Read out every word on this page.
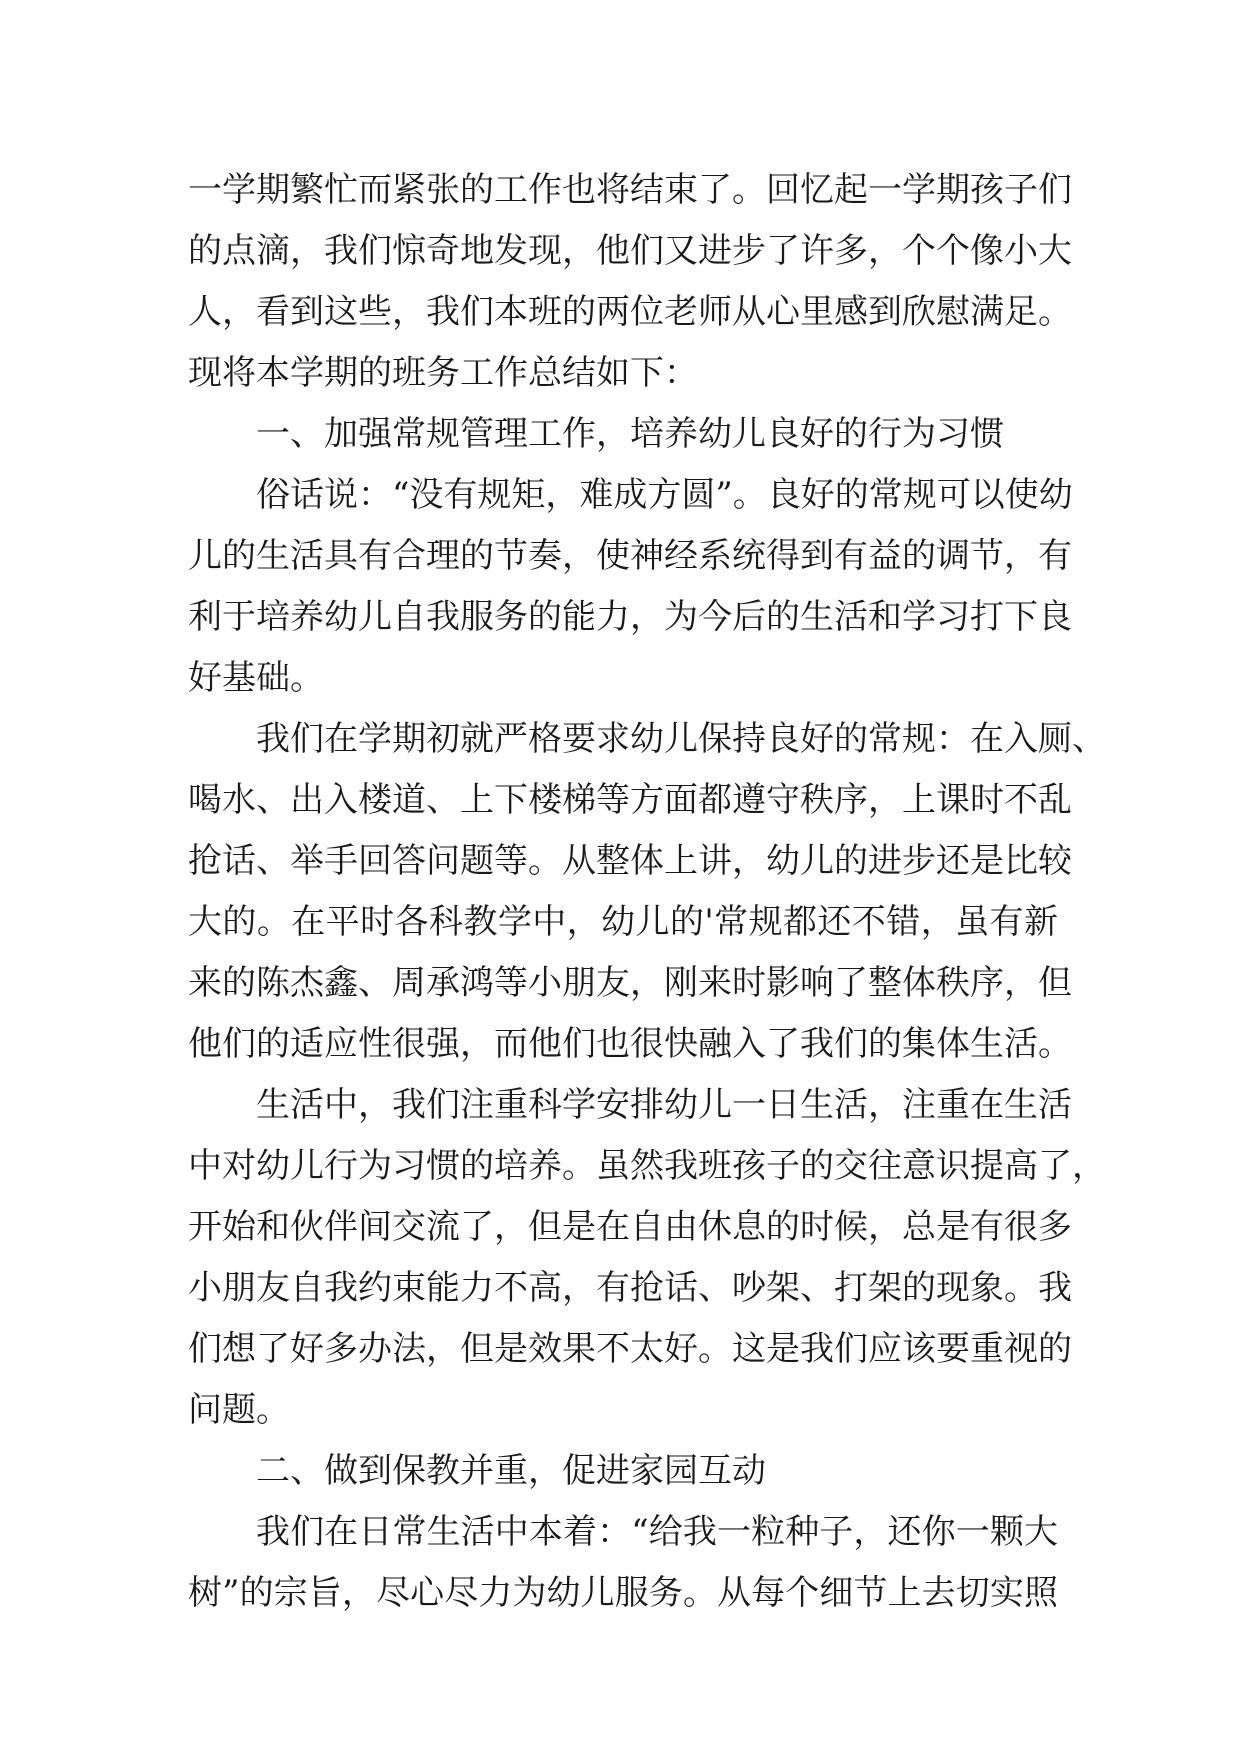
一学期繁忙而紧张的工作也将结束了。回忆起一学期孩子们
的点滴，我们惊奇地发现，他们又进步了许多，个个像小大
人，看到这些，我们本班的两位老师从心里感到欣慰满足。
现将本学期的班务工作总结如下：
一、加强常规管理工作，培养幼儿良好的行为习惯
俗话说：“没有规矩，难成方圆”。良好的常规可以使幼
儿的生活具有合理的节奏，使神经系统得到有益的调节，有
利于培养幼儿自我服务的能力，为今后的生活和学习打下良
好基础。
我们在学期初就严格要求幼儿保持良好的常规：在入厕、
喝水、出入楼道、上下楼梯等方面都遵守秩序，上课时不乱
抢话、举手回答问题等。从整体上讲，幼儿的进步还是比较
大的。在平时各科教学中，幼儿的'常规都还不错，虽有新
来的陈杰鑫、周承鸿等小朋友，刚来时影响了整体秩序，但
他们的适应性很强，而他们也很快融入了我们的集体生活。
生活中，我们注重科学安排幼儿一日生活，注重在生活
中对幼儿行为习惯的培养。虽然我班孩子的交往意识提高了，
开始和伙伴间交流了，但是在自由休息的时候，总是有很多
小朋友自我约束能力不高，有抢话、吵架、打架的现象。我
们想了好多办法，但是效果不太好。这是我们应该要重视的
问题。
二、做到保教并重，促进家园互动
我们在日常生活中本着：“给我一粒种子，还你一颗大
树”的宗旨，尽心尽力为幼儿服务。从每个细节上去切实照
